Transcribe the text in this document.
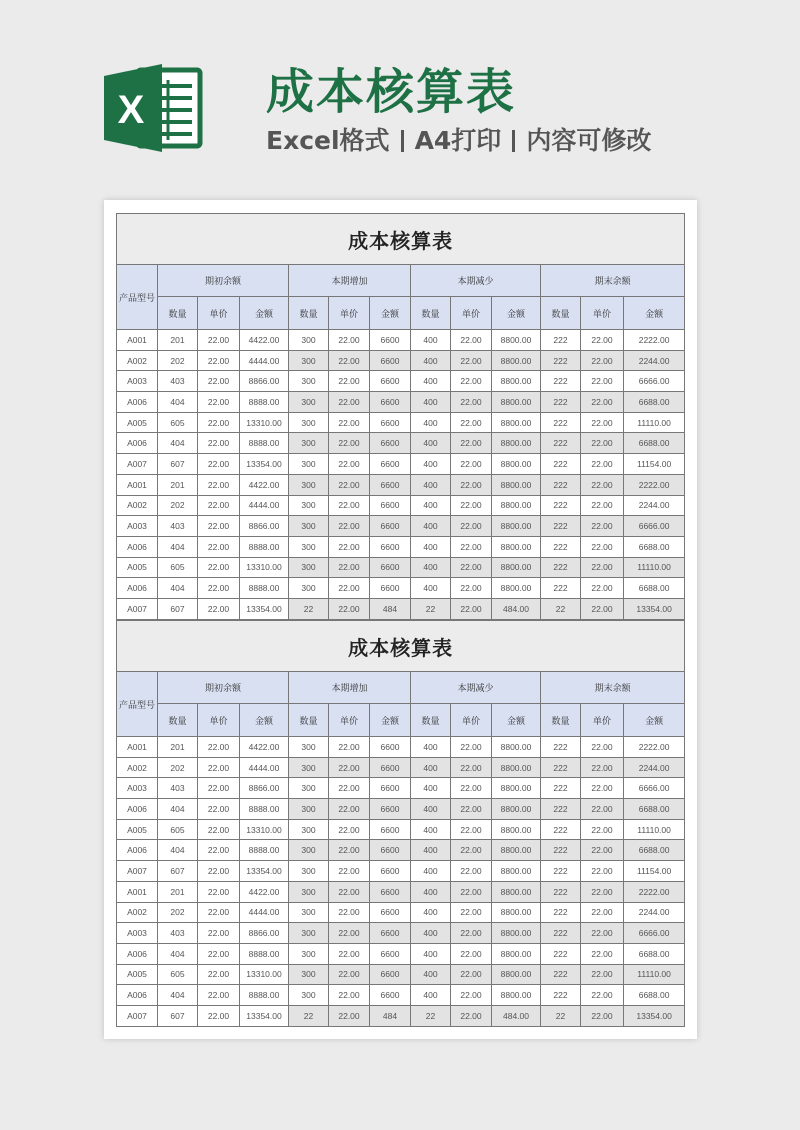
X	成本核算表
Excel格式 A4打印 内容可修改
成本核算表												
产品型号	期初余额			本期增加			本期减少			期末余额		
	数量	单价	金额	数量	单价	金额	数量	单价	金额	数量	单价	金额
A001	201	22.00	4422.00	300	22.00	6600	400	22.00	8800.00	222	22.00	2222.00
A002	202	22.00	4444.00	300	22.00	6600	400	22.00	8800.00	222	22.00	2244.00
A003	403	22.00	8866.00	300	22.00	6600	400	22.00	8800.00	222	22.00	6666.00
A006	404	22.00	8888.00	300	22.00	6600	400	22.00	8800.00	222	22.00	6688.00
A005	605	22.00	13310.00	300	22.00	6600	400	22.00	8800.00	222	22.00	11110.00
A006	404	22.00	8888.00	300	22.00	6600	400	22.00	8800.00	222	22.00	6688.00
A007	607	22.00	13354.00	300	22.00	6600	400	22.00	8800.00	222	22.00	11154.00
A001	201	22.00	4422.00	300	22.00	6600	400	22.00	8800.00	222	22.00	2222.00
A002	202	22.00	4444.00	300	22.00	6600	400	22.00	8800.00	222	22.00	2244.00
A003	403	22.00	8866.00	300	22.00	6600	400	22.00	8800.00	222	22.00	6666.00
A006	404	22.00	8888.00	300	22.00	6600	400	22.00	8800.00	222	22.00	6688.00
A005	605	22.00	13310.00	300	22.00	6600	400	22.00	8800.00	222	22.00	11110.00
A006	404	22.00	8888.00	300	22.00	6600	400	22.00	8800.00	222	22.00	6688.00
A007	607	22.00	13354.00	22	22.00	484	22	22.00	484.00	22	22.00	13354.00
成本核算表												
产品型号	期初余额			本期增加			本期减少			期末余额		
	数量	单价	金额	数量	单价	金额	数量	单价	金额	数量	单价	金额
A001	201	22.00	4422.00	300	22.00	6600	400	22.00	8800.00	222	22.00	2222.00
A002	202	22.00	4444.00	300	22.00	6600	400	22.00	8800.00	222	22.00	2244.00
A003	403	22.00	8866.00	300	22.00	6600	400	22.00	8800.00	222	22.00	6666.00
A006	404	22.00	8888.00	300	22.00	6600	400	22.00	8800.00	222	22.00	6688.00
A005	605	22.00	13310.00	300	22.00	6600	400	22.00	8800.00	222	22.00	11110.00
A006	404	22.00	8888.00	300	22.00	6600	400	22.00	8800.00	222	22.00	6688.00
A007	607	22.00	13354.00	300	22.00	6600	400	22.00	8800.00	222	22.00	11154.00
A001	201	22.00	4422.00	300	22.00	6600	400	22.00	8800.00	222	22.00	2222.00
A002	202	22.00	4444.00	300	22.00	6600	400	22.00	8800.00	222	22.00	2244.00
A003	403	22.00	8866.00	300	22.00	6600	400	22.00	8800.00	222	22.00	6666.00
A006	404	22.00	8888.00	300	22.00	6600	400	22.00	8800.00	222	22.00	6688.00
A005	605	22.00	13310.00	300	22.00	6600	400	22.00	8800.00	222	22.00	11110.00
A006	404	22.00	8888.00	300	22.00	6600	400	22.00	8800.00	222	22.00	6688.00
A007	607	22.00	13354.00	22	22.00	484	22	22.00	484.00	22	22.00	13354.00
